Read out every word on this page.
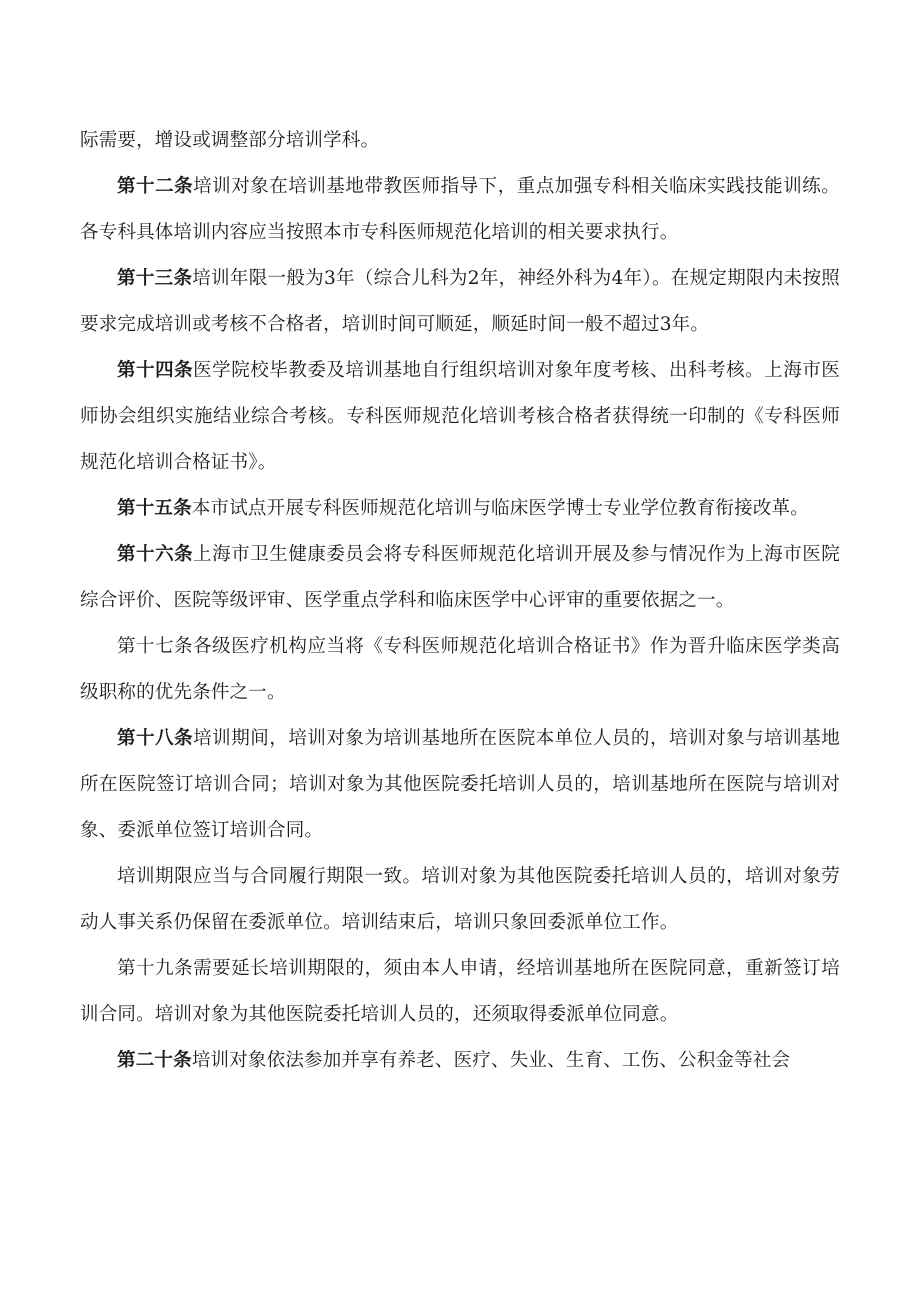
际需要，增设或调整部分培训学科。

第十二条培训对象在培训基地带教医师指导下，重点加强专科相关临床实践技能训练。各专科具体培训内容应当按照本市专科医师规范化培训的相关要求执行。

第十三条培训年限一般为3年（综合儿科为2年，神经外科为4年）。在规定期限内未按照要求完成培训或考核不合格者，培训时间可顺延，顺延时间一般不超过3年。

第十四条医学院校毕教委及培训基地自行组织培训对象年度考核、出科考核。上海市医师协会组织实施结业综合考核。专科医师规范化培训考核合格者获得统一印制的《专科医师规范化培训合格证书》。

第十五条本市试点开展专科医师规范化培训与临床医学博士专业学位教育衔接改革。

第十六条上海市卫生健康委员会将专科医师规范化培训开展及参与情况作为上海市医院综合评价、医院等级评审、医学重点学科和临床医学中心评审的重要依据之一。

第十七条各级医疗机构应当将《专科医师规范化培训合格证书》作为晋升临床医学类高级职称的优先条件之一。

第十八条培训期间，培训对象为培训基地所在医院本单位人员的，培训对象与培训基地所在医院签订培训合同；培训对象为其他医院委托培训人员的，培训基地所在医院与培训对象、委派单位签订培训合同。

培训期限应当与合同履行期限一致。培训对象为其他医院委托培训人员的，培训对象劳动人事关系仍保留在委派单位。培训结束后，培训只象回委派单位工作。

第十九条需要延长培训期限的，须由本人申请，经培训基地所在医院同意，重新签订培训合同。培训对象为其他医院委托培训人员的，还须取得委派单位同意。

第二十条培训对象依法参加并享有养老、医疗、失业、生育、工伤、公积金等社会
